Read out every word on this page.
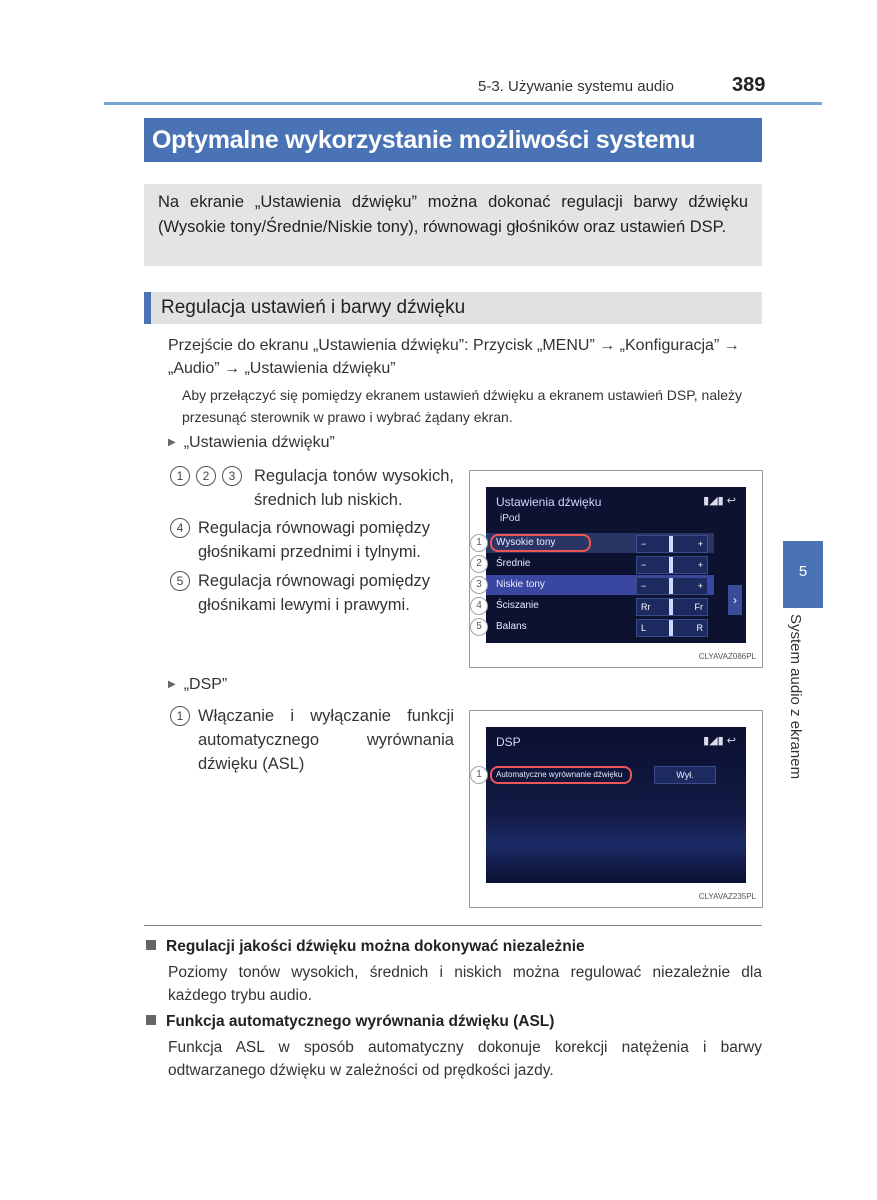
5-3. Używanie systemu audio	389
Optymalne wykorzystanie możliwości systemu
Na ekranie „Ustawienia dźwięku” można dokonać regulacji barwy dźwięku (Wysokie tony/Średnie/Niskie tony), równowagi głośników oraz ustawień DSP.
Regulacja ustawień i barwy dźwięku
Przejście do ekranu „Ustawienia dźwięku”: Przycisk „MENU” → „Konfiguracja” → „Audio” → „Ustawienia dźwięku”
Aby przełączyć się pomiędzy ekranem ustawień dźwięku a ekranem ustawień DSP, należy przesunąć sterownik w prawo i wybrać żądany ekran.
▶ „Ustawienia dźwięku”
1 2 3	Regulacja tonów wysokich, średnich lub niskich.
4 Regulacja równowagi pomiędzy głośnikami przednimi i tylnymi.
5 Regulacja równowagi pomiędzy głośnikami lewymi i prawymi.
Ustawienia dźwięku	▮◢▮ ↩
iPod
›
1	Wysokie tony	−	+
2	Średnie	−	+
3	Niskie tony	−	+
4	Ściszanie	Rr	Fr
5	Balans	L	R
CLYAVAZ086PL
▶ „DSP”
1 Włączanie i wyłączanie funkcji automatycznego wyrównania dźwięku (ASL)
DSP	▮◢▮ ↩
1	Automatyczne wyrównanie dźwięku	Wył.
CLYAVAZ235PL
Regulacji jakości dźwięku można dokonywać niezależnie
Poziomy tonów wysokich, średnich i niskich można regulować niezależnie dla każdego trybu audio.
Funkcja automatycznego wyrównania dźwięku (ASL)
Funkcja ASL w sposób automatyczny dokonuje korekcji natężenia i barwy odtwarzanego dźwięku w zależności od prędkości jazdy.
5
System audio z ekranem
